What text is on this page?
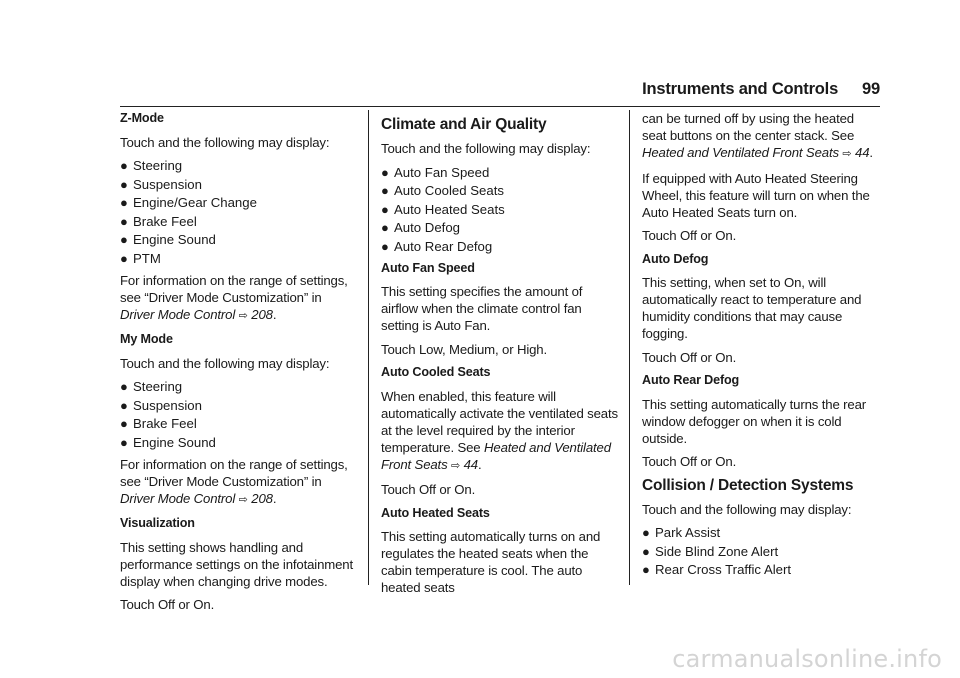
Instruments and Controls 99

Z-Mode

Touch and the following may display:

● Steering
● Suspension
● Engine/Gear Change
● Brake Feel
● Engine Sound
● PTM

For information on the range of settings, see “Driver Mode Customization” in Driver Mode Control ⇨ 208.

My Mode

Touch and the following may display:

● Steering
● Suspension
● Brake Feel
● Engine Sound

For information on the range of settings, see “Driver Mode Customization” in Driver Mode Control ⇨ 208.

Visualization

This setting shows handling and performance settings on the infotainment display when changing drive modes.

Touch Off or On.

Climate and Air Quality

Touch and the following may display:

● Auto Fan Speed
● Auto Cooled Seats
● Auto Heated Seats
● Auto Defog
● Auto Rear Defog

Auto Fan Speed

This setting specifies the amount of airflow when the climate control fan setting is Auto Fan.

Touch Low, Medium, or High.

Auto Cooled Seats

When enabled, this feature will automatically activate the ventilated seats at the level required by the interior temperature. See Heated and Ventilated Front Seats ⇨ 44.

Touch Off or On.

Auto Heated Seats

This setting automatically turns on and regulates the heated seats when the cabin temperature is cool. The auto heated seats

can be turned off by using the heated seat buttons on the center stack. See Heated and Ventilated Front Seats ⇨ 44.

If equipped with Auto Heated Steering Wheel, this feature will turn on when the Auto Heated Seats turn on.

Touch Off or On.

Auto Defog

This setting, when set to On, will automatically react to temperature and humidity conditions that may cause fogging.

Touch Off or On.

Auto Rear Defog

This setting automatically turns the rear window defogger on when it is cold outside.

Touch Off or On.

Collision / Detection Systems

Touch and the following may display:

● Park Assist
● Side Blind Zone Alert
● Rear Cross Traffic Alert
carmanualsonline.info
